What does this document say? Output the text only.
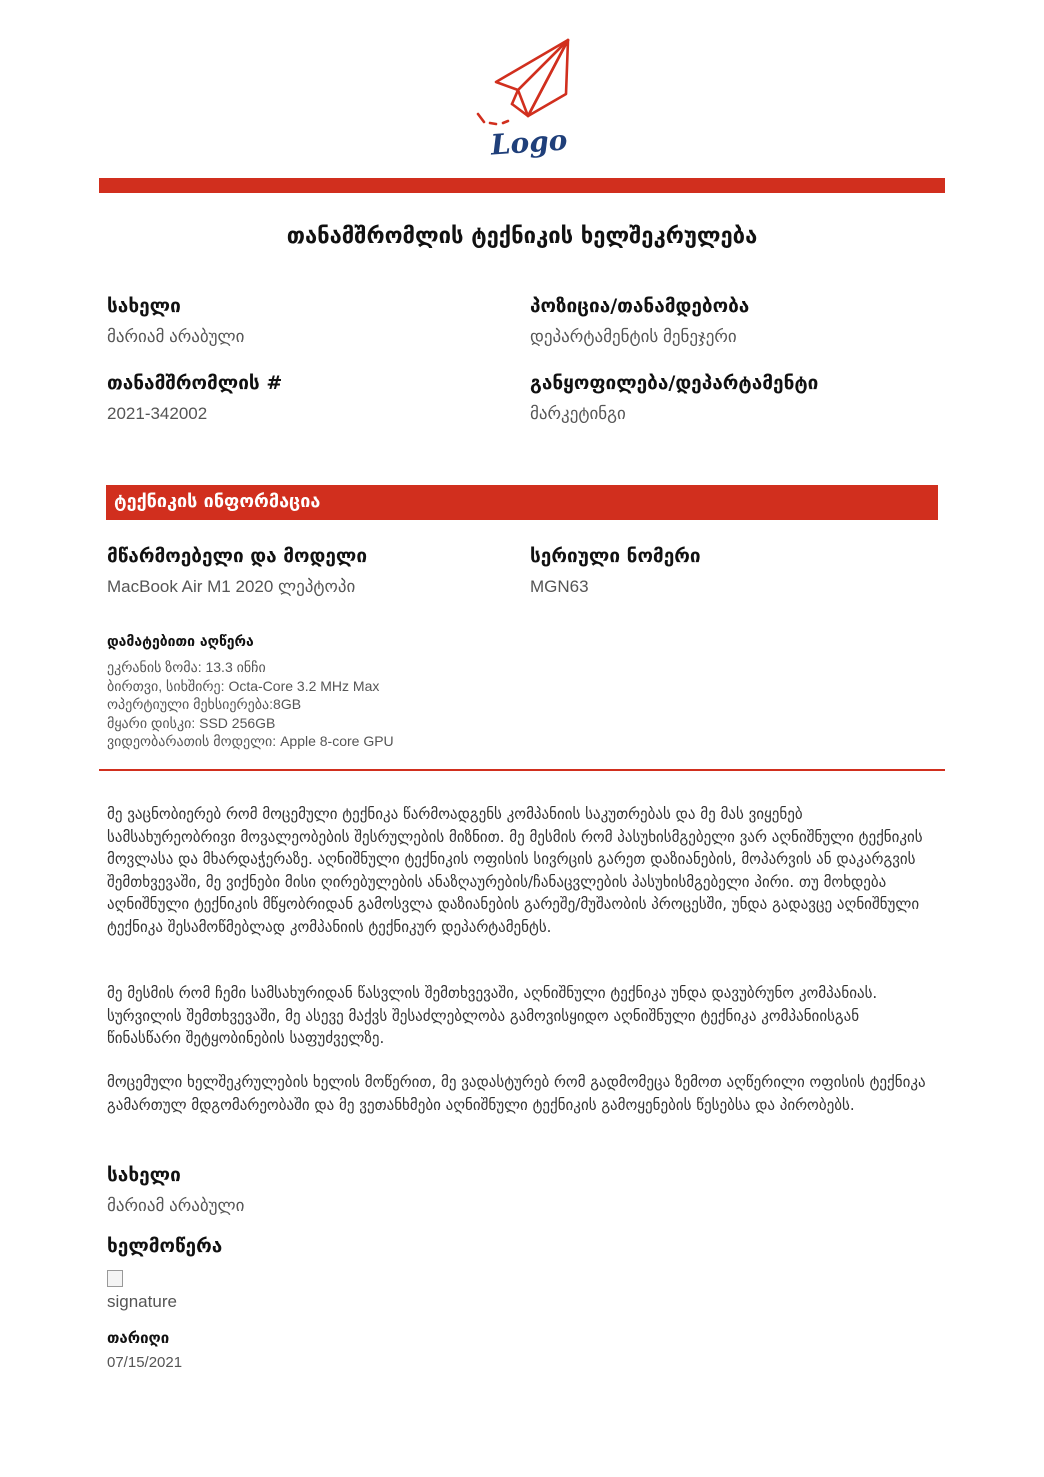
Logo
თანამშრომლის ტექნიკის ხელშეკრულება
სახელი
მარიამ არაბული
პოზიცია/თანამდებობა
დეპარტამენტის მენეჯერი
თანამშრომლის #
2021-342002
განყოფილება/დეპარტამენტი
მარკეტინგი
ტექნიკის ინფორმაცია
მწარმოებელი და მოდელი
MacBook Air M1 2020 ლეპტოპი
სერიული ნომერი
MGN63
დამატებითი აღწერა
ეკრანის ზომა: 13.3 ინჩი
ბირთვი, სიხშირე: Octa-Core 3.2 MHz Max
ოპერტიული მეხსიერება:8GB
მყარი დისკი: SSD 256GB
ვიდეობარათის მოდელი: Apple 8-core GPU

მე ვაცნობიერებ რომ მოცემული ტექნიკა წარმოადგენს კომპანიის საკუთრებას და მე მას ვიყენებ სამსახურეობრივი მოვალეობების შესრულების მიზნით. მე მესმის რომ პასუხისმგებელი ვარ აღნიშნული ტექნიკის მოვლასა და მხარდაჭერაზე. აღნიშნული ტექნიკის ოფისის სივრცის გარეთ დაზიანების, მოპარვის ან დაკარგვის შემთხვევაში, მე ვიქნები მისი ღირებულების ანაზღაურების/ჩანაცვლების პასუხისმგებელი პირი. თუ მოხდება აღნიშნული ტექნიკის მწყობრიდან გამოსვლა დაზიანების გარეშე/მუშაობის პროცესში, უნდა გადავცე აღნიშნული ტექნიკა შესამოწმებლად კომპანიის ტექნიკურ დეპარტამენტს.

მე მესმის რომ ჩემი სამსახურიდან წასვლის შემთხვევაში, აღნიშნული ტექნიკა უნდა დავუბრუნო კომპანიას. სურვილის შემთხვევაში, მე ასევე მაქვს შესაძლებლობა გამოვისყიდო აღნიშნული ტექნიკა კომპანიისგან წინასწარი შეტყობინების საფუძველზე.

მოცემული ხელშეკრულების ხელის მოწერით, მე ვადასტურებ რომ გადმომეცა ზემოთ აღწერილი ოფისის ტექნიკა გამართულ მდგომარეობაში და მე ვეთანხმები აღნიშნული ტექნიკის გამოყენების წესებსა და პირობებს.

სახელი
მარიამ არაბული
ხელმოწერა
signature
თარიღი
07/15/2021
